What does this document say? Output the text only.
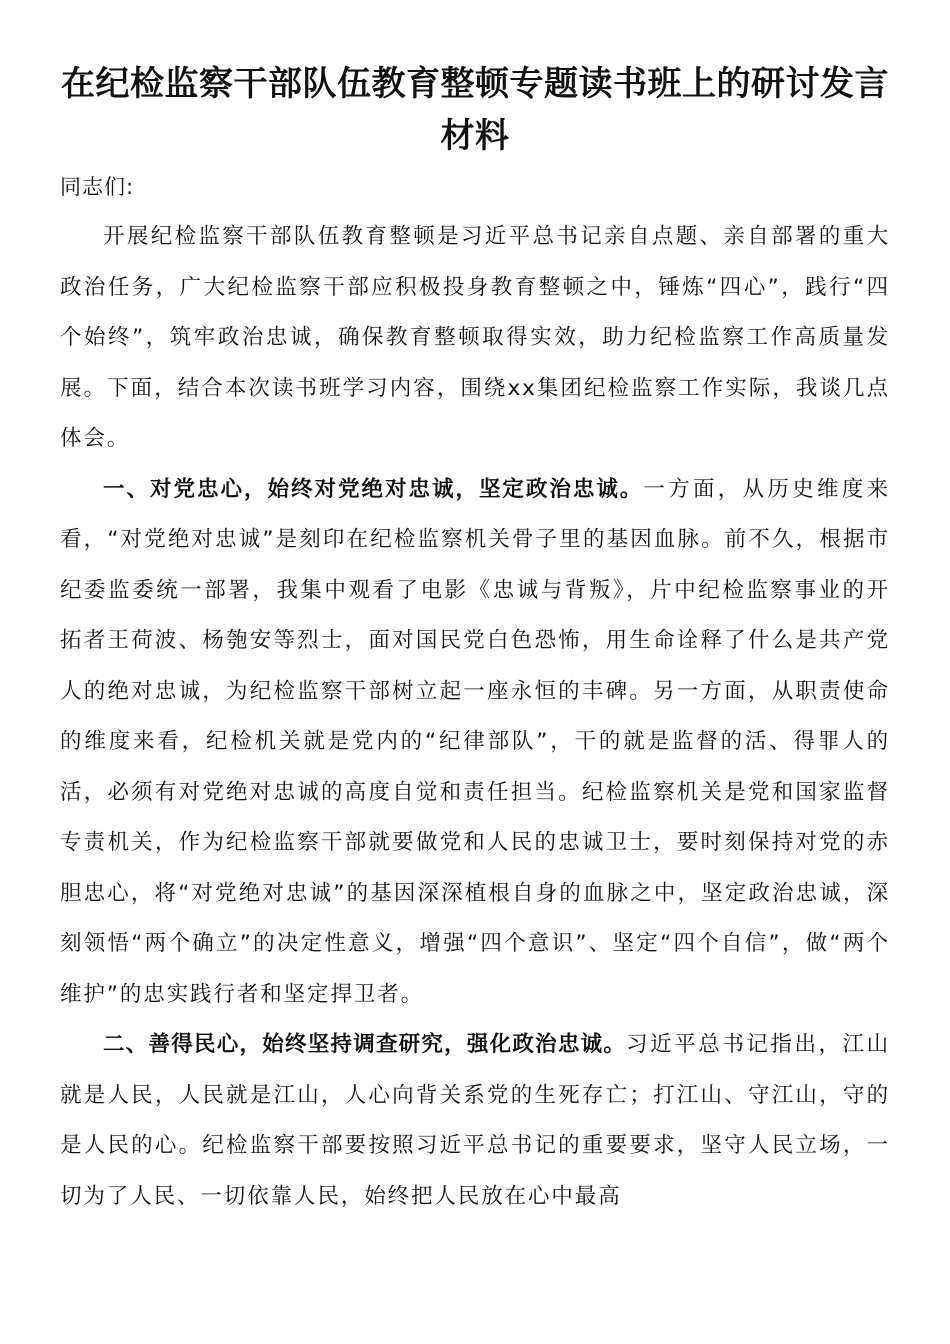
在纪检监察干部队伍教育整顿专题读书班上的研讨发言材料

同志们:

开展纪检监察干部队伍教育整顿是习近平总书记亲自点题、亲自部署的重大政治任务，广大纪检监察干部应积极投身教育整顿之中，锤炼“四心”，践行“四个始终”，筑牢政治忠诚，确保教育整顿取得实效，助力纪检监察工作高质量发展。下面，结合本次读书班学习内容，围绕xx集团纪检监察工作实际，我谈几点体会。

一、对党忠心，始终对党绝对忠诚，坚定政治忠诚。一方面，从历史维度来看，“对党绝对忠诚”是刻印在纪检监察机关骨子里的基因血脉。前不久，根据市纪委监委统一部署，我集中观看了电影《忠诚与背叛》，片中纪检监察事业的开拓者王荷波、杨匏安等烈士，面对国民党白色恐怖，用生命诠释了什么是共产党人的绝对忠诚，为纪检监察干部树立起一座永恒的丰碑。另一方面，从职责使命的维度来看，纪检机关就是党内的“纪律部队”，干的就是监督的活、得罪人的活，必须有对党绝对忠诚的高度自觉和责任担当。纪检监察机关是党和国家监督专责机关，作为纪检监察干部就要做党和人民的忠诚卫士，要时刻保持对党的赤胆忠心，将“对党绝对忠诚”的基因深深植根自身的血脉之中，坚定政治忠诚，深刻领悟“两个确立”的决定性意义，增强“四个意识”、坚定“四个自信”，做“两个维护”的忠实践行者和坚定捍卫者。

二、善得民心，始终坚持调查研究，强化政治忠诚。习近平总书记指出，江山就是人民，人民就是江山，人心向背关系党的生死存亡；打江山、守江山，守的是人民的心。纪检监察干部要按照习近平总书记的重要要求，坚守人民立场，一切为了人民、一切依靠人民，始终把人民放在心中最高
